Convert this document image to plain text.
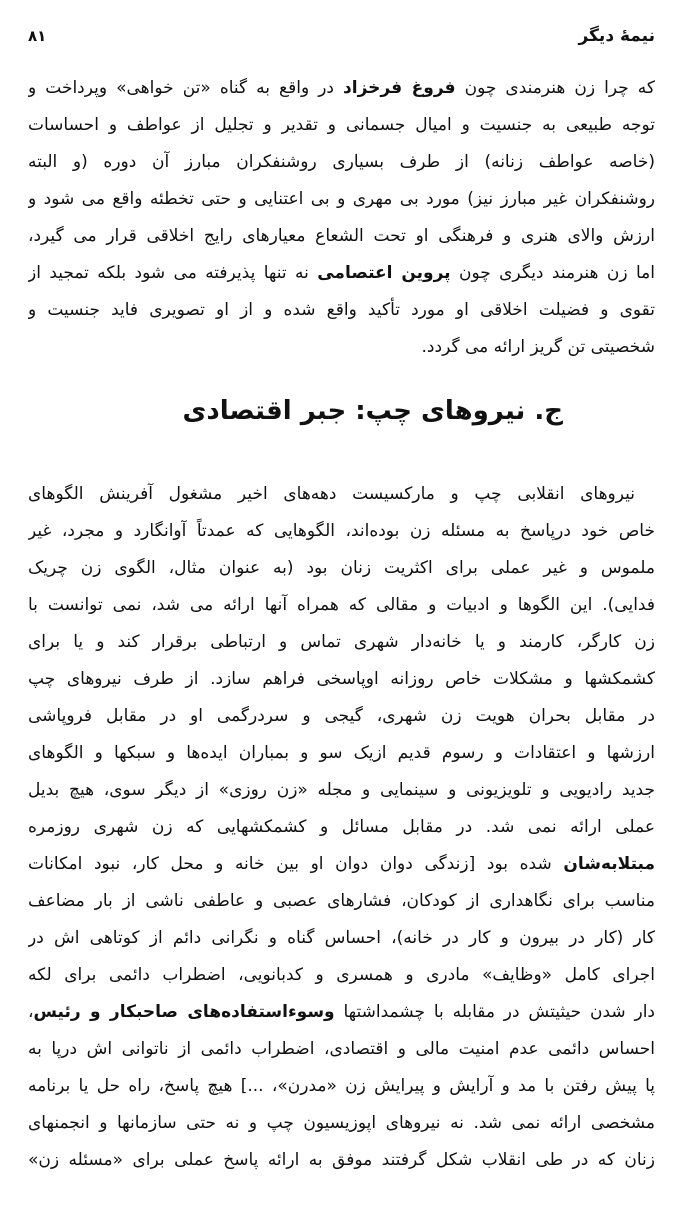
نیمهٔ دیگر
۸۱
که چرا زن هنرمندی چون فروغ فرخزاد در واقع به گناه «تن خواهی» وپرداخت و
توجه طبیعی به جنسیت و امیال جسمانی و تقدیر و تجلیل از عواطف و احساسات
(خاصه عواطف زنانه) از طرف بسیاری روشنفکران مبارز آن دوره (و البته
روشنفکران غیر مبارز نیز) مورد بی مهری و بی اعتنایی و حتی تخطئه واقع می شود و
ارزش والای هنری و فرهنگی او تحت الشعاع معیارهای رایج اخلاقی قرار می گیرد،
اما زن هنرمند دیگری چون پروین اعتصامی نه تنها پذیرفته می شود بلکه تمجید از
تقوی و فضیلت اخلاقی او مورد تأکید واقع شده و از او تصویری فاید جنسیت و
شخصیتی تن گریز ارائه می گردد.
ج. نیروهای چپ: جبر اقتصادی
نیروهای انقلابی چپ و مارکسیست دهه‌های اخیر مشغول آفرینش الگوهای
خاص خود درپاسخ به مسئله زن بوده‌اند، الگوهایی که عمدتاً آوانگارد و مجرد، غیر
ملموس و غیر عملی برای اکثریت زنان بود (به عنوان مثال، الگوی زن چریک
فدایی). این الگوها و ادبیات و مقالی که همراه آنها ارائه می شد، نمی توانست با
زن کارگر، کارمند و یا خانه‌دار شهری تماس و ارتباطی برقرار کند و یا برای
کشمکشها و مشکلات خاص روزانه اوپاسخی فراهم سازد. از طرف نیروهای چپ
در مقابل بحران هویت زن شهری، گیجی و سردرگمی او در مقابل فروپاشی
ارزشها و اعتقادات و رسوم قدیم ازیک سو و بمباران ایده‌ها و سبکها و الگوهای
جدید رادیویی و تلویزیونی و سینمایی و مجله «زن روزی» از دیگر سوی، هیچ بدیل
عملی ارائه نمی شد. در مقابل مسائل و کشمکشهایی که زن شهری روزمره
مبتلابه‌شان شده بود [زندگی دوان دوان او بین خانه و محل کار، نبود امکانات
مناسب برای نگاهداری از کودکان، فشارهای عصبی و عاطفی ناشی از بار مضاعف
کار (کار در بیرون و کار در خانه)، احساس گناه و نگرانی دائم از کوتاهی اش در
اجرای کامل «وظایف» مادری و همسری و کدبانویی، اضطراب دائمی برای لکه
دار شدن حیثیتش در مقابله با چشمداشتها وسوءاستفاده‌های صاحبکار و رئیس،
احساس دائمی عدم امنیت مالی و اقتصادی، اضطراب دائمی از ناتوانی اش درپا به
پا پیش رفتن با مد و آرایش و پیرایش زن «مدرن»، ...] هیچ پاسخ، راه حل یا برنامه
مشخصی ارائه نمی شد. نه نیروهای اپوزیسیون چپ و نه حتی سازمانها و انجمنهای
زنان که در طی انقلاب شکل گرفتند موفق به ارائه پاسخ عملی برای «مسئله زن»
